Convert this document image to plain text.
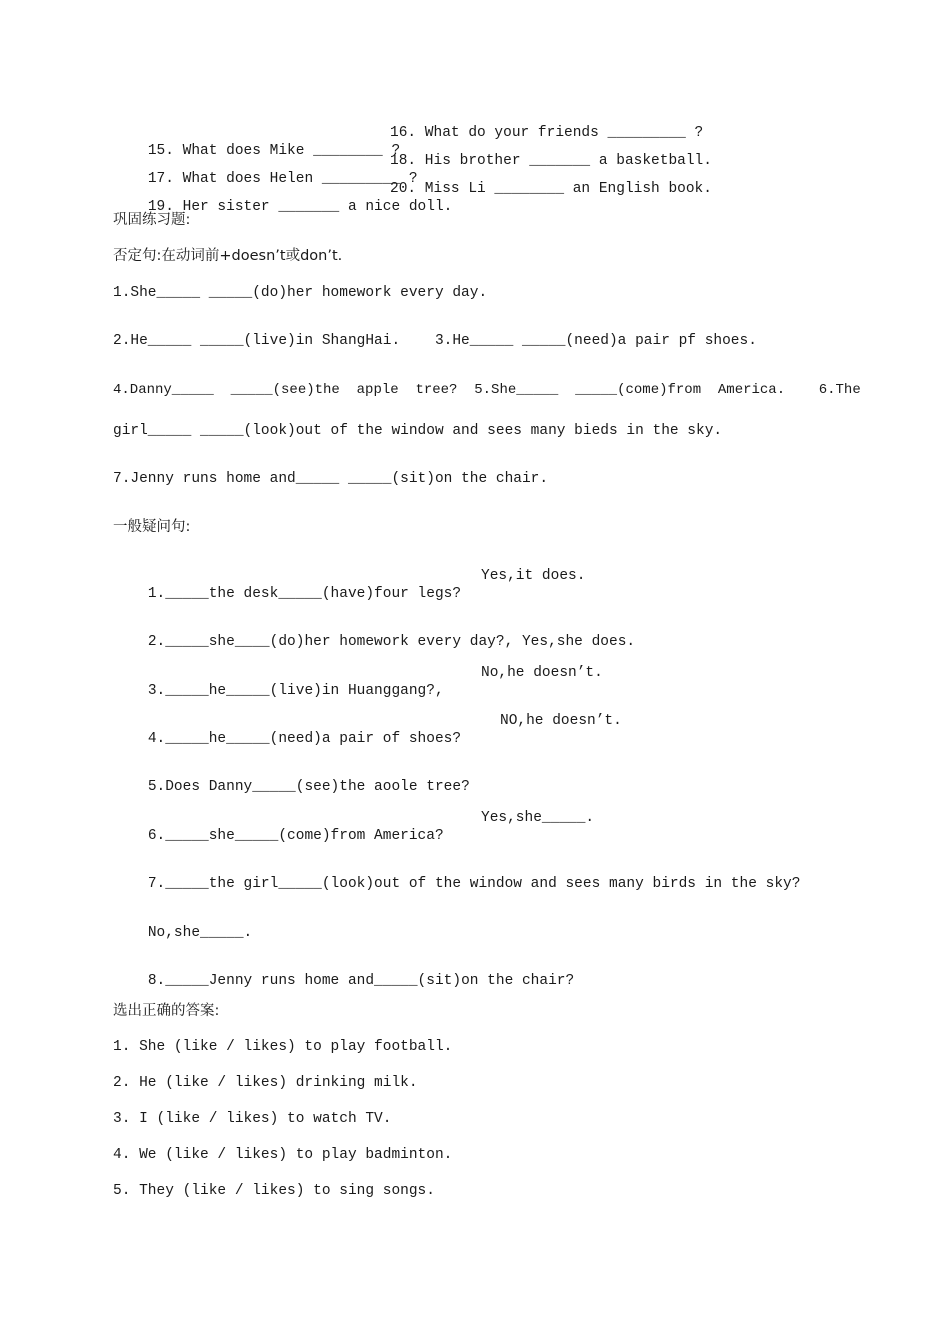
15. What does Mike ________ ?

16. What do your friends _________ ?

17. What does Helen _________ ?

18. His brother _______ a basketball.

19. Her sister _______ a nice doll.

20. Miss Li ________ an English book.

巩固练习题:
否定句:在动词前+doesn’t或don’t.
1.She_____ _____(do)her homework every day.
2.He_____ _____(live)in ShangHai.    3.He_____ _____(need)a pair pf shoes.
4.Danny_____  _____(see)the  apple  tree?  5.She_____  _____(come)from  America.    6.The
girl_____ _____(look)out of the window and sees many bieds in the sky.
7.Jenny runs home and_____ _____(sit)on the chair.
一般疑问句:

1._____the desk_____(have)four legs?

Yes,it does.

2._____she____(do)her homework every day?, Yes,she does.

3._____he_____(live)in Huanggang?,

No,he doesn’t.

4._____he_____(need)a pair of shoes?

NO,he doesn’t.

5.Does Danny_____(see)the aoole tree?

6._____she_____(come)from America?

Yes,she_____.

7._____the girl_____(look)out of the window and sees many birds in the sky?

No,she_____.

8._____Jenny runs home and_____(sit)on the chair?

选出正确的答案:
1. She (like / likes) to play football.
2. He (like / likes) drinking milk.
3. I (like / likes) to watch TV.
4. We (like / likes) to play badminton.
5. They (like / likes) to sing songs.
